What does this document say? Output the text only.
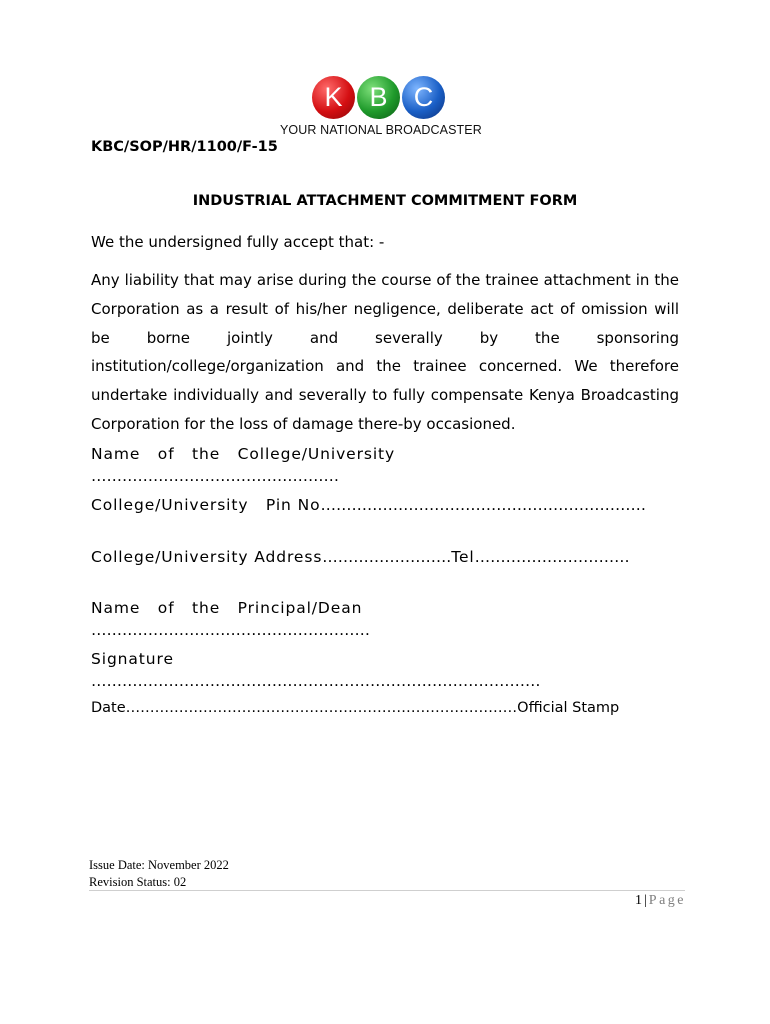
K B C
YOUR NATIONAL BROADCASTER
KBC/SOP/HR/1100/F-15
INDUSTRIAL ATTACHMENT COMMITMENT FORM
We the undersigned fully accept that: -
Any liability that may arise during the course of the trainee attachment in the Corporation as a result of his/her negligence, deliberate act of omission will be borne jointly and severally by the sponsoring institution/college/organization and the trainee concerned. We therefore undertake individually and severally to fully compensate Kenya Broadcasting Corporation for the loss of damage there-by occasioned.
Name   of   the   College/University
…………………………………………
College/University   Pin No………………………………………………………
College/University Address…………………….Tel…………………………
Name   of   the   Principal/Dean
………………………………………………
Signature
……………………………………………………………………………
Date………………………………………………………………………Official Stamp
Issue Date: November 2022
Revision Status: 02
1 | Page
